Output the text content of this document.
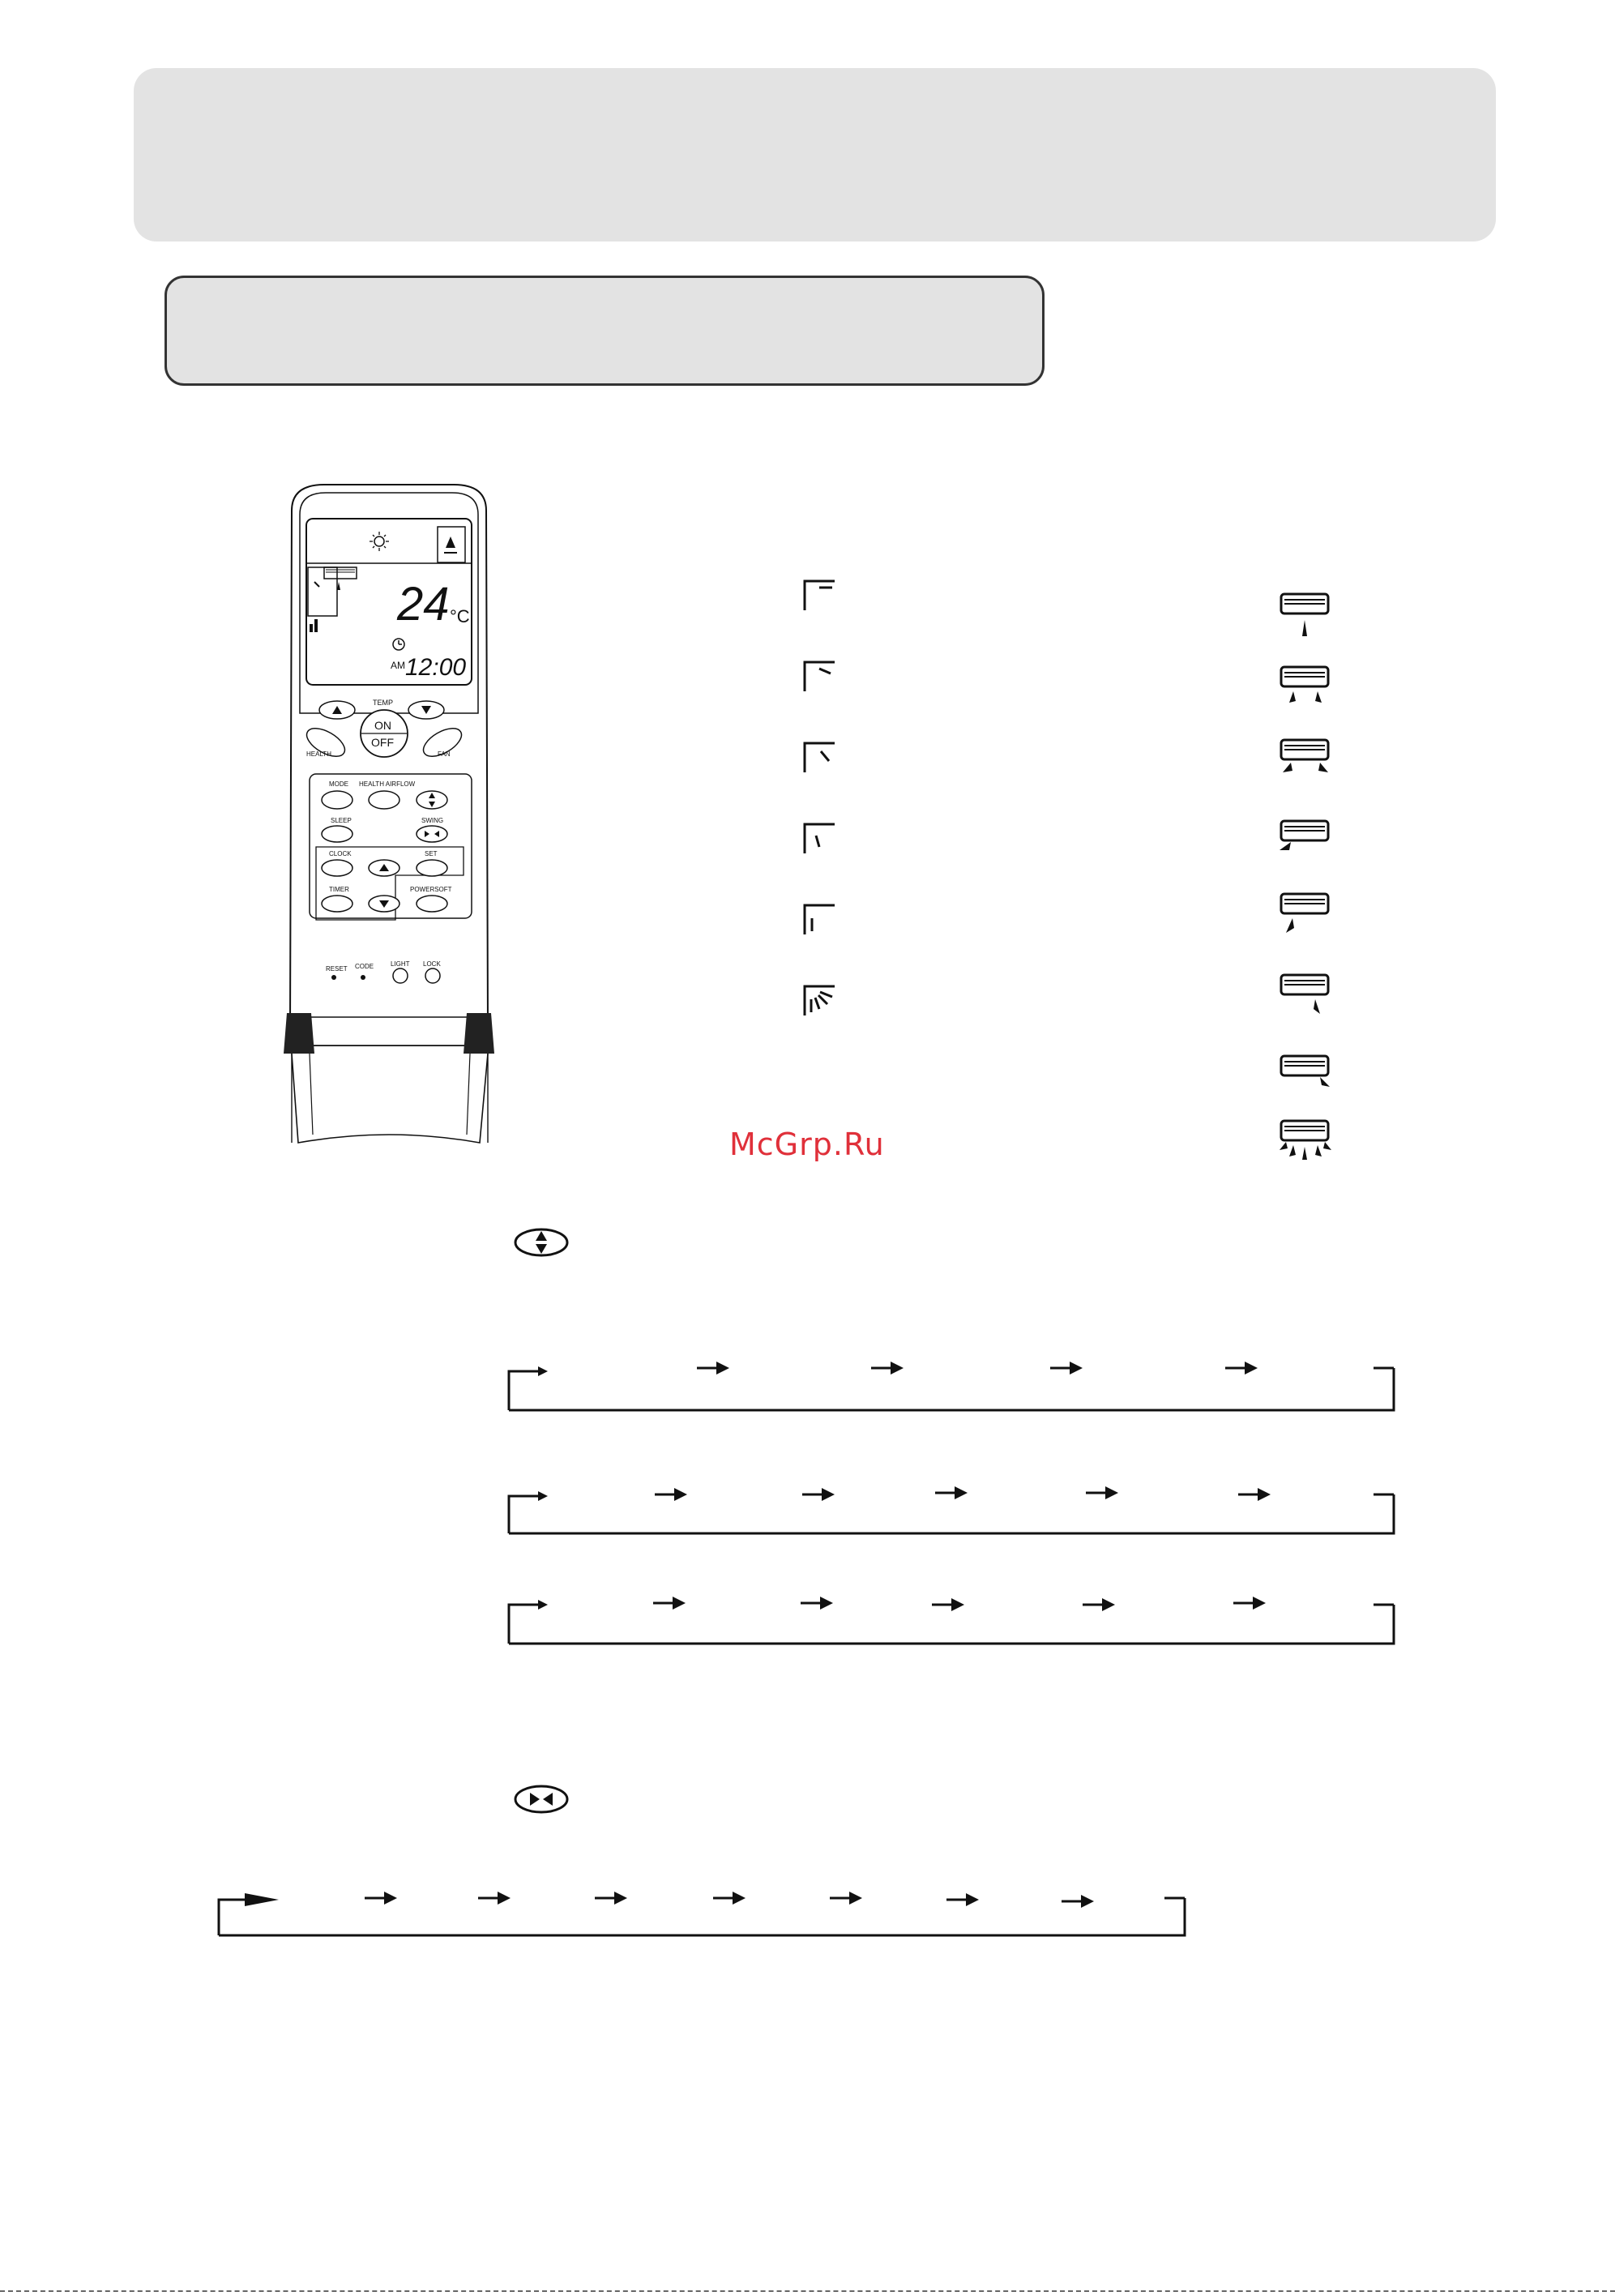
24 °C
AM 12:00
TEMP
ON
OFF
HEALTH	FAN
MODE HEALTH AIRFLOW
SLEEP	SWING
CLOCK	SET
TIMER	POWERSOFT
RESET CODE	LIGHT LOCK
McGrp.Ru
